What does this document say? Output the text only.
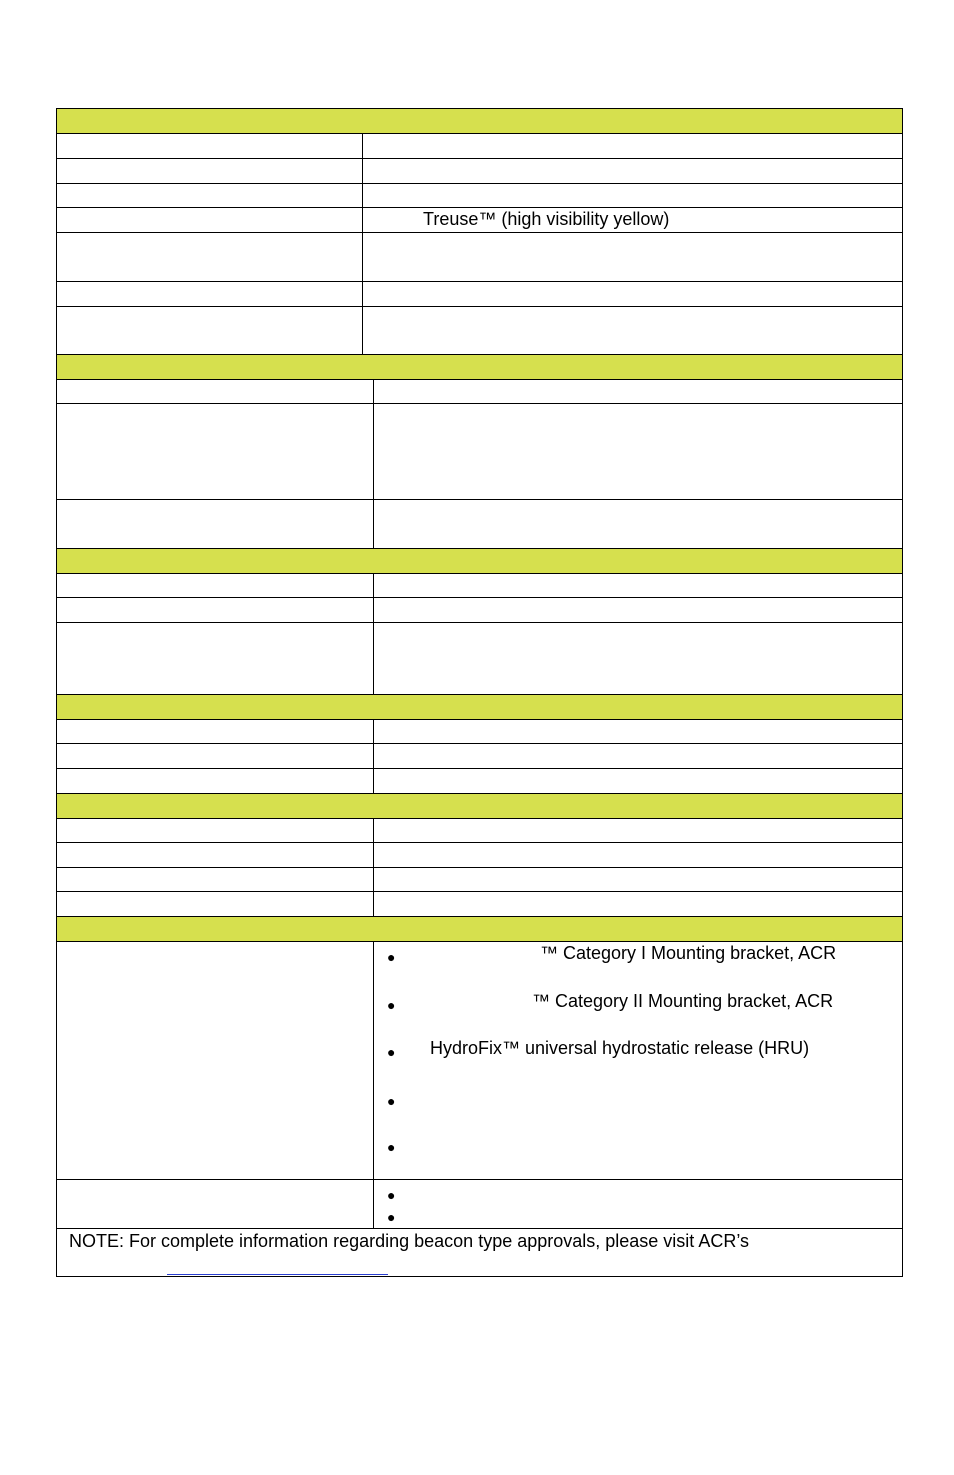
Treuse™ (high visibility yellow)
●	™ Category I Mounting bracket, ACR
●	™ Category II Mounting bracket, ACR
● HydroFix™ universal hydrostatic release (HRU)
●
●
●
●
NOTE: For complete information regarding beacon type approvals, please visit ACR’s
